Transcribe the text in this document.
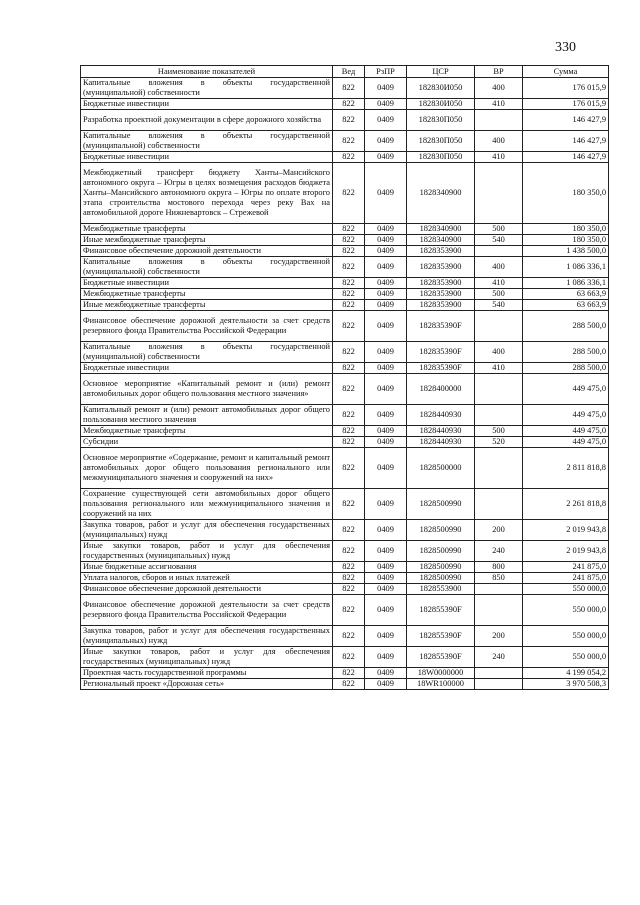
330
Наименование показателей	Вед	РзПР	ЦСР	ВР	Сумма
Капитальные вложения в объекты государственной (муниципальной) собственности	822	0409	182830И050	400	176 015,9
Бюджетные инвестиции	822	0409	182830И050	410	176 015,9
Разработка проектной документации в сфере дорожного хозяйства	822	0409	182830П050		146 427,9
Капитальные вложения в объекты государственной (муниципальной) собственности	822	0409	182830П050	400	146 427,9
Бюджетные инвестиции	822	0409	182830П050	410	146 427,9
Межбюджетный трансферт бюджету Ханты–Мансийского автономного округа – Югры в целях возмещения расходов бюджета Ханты–Мансийского автономного округа – Югры по оплате второго этапа строительства мостового перехода через реку Вах на автомобильной дороге Нижневартовск – Стрежевой	822	0409	1828340900		180 350,0
Межбюджетные трансферты	822	0409	1828340900	500	180 350,0
Иные межбюджетные трансферты	822	0409	1828340900	540	180 350,0
Финансовое обеспечение дорожной деятельности	822	0409	1828353900		1 438 500,0
Капитальные вложения в объекты государственной (муниципальной) собственности	822	0409	1828353900	400	1 086 336,1
Бюджетные инвестиции	822	0409	1828353900	410	1 086 336,1
Межбюджетные трансферты	822	0409	1828353900	500	63 663,9
Иные межбюджетные трансферты	822	0409	1828353900	540	63 663,9
Финансовое обеспечение дорожной деятельности за счет средств резервного фонда Правительства Российской Федерации	822	0409	182835390F		288 500,0
Капитальные вложения в объекты государственной (муниципальной) собственности	822	0409	182835390F	400	288 500,0
Бюджетные инвестиции	822	0409	182835390F	410	288 500,0
Основное мероприятие «Капитальный ремонт и (или) ремонт автомобильных дорог общего пользования местного значения»	822	0409	1828400000		449 475,0
Капитальный ремонт и (или) ремонт автомобильных дорог общего пользования местного значения	822	0409	1828440930		449 475,0
Межбюджетные трансферты	822	0409	1828440930	500	449 475,0
Субсидии	822	0409	1828440930	520	449 475,0
Основное мероприятие «Содержание, ремонт и капитальный ремонт автомобильных дорог общего пользования регионального или межмуниципального значения и сооружений на них»	822	0409	1828500000		2 811 818,8
Сохранение существующей сети автомобильных дорог общего пользования регионального или межмуниципального значения и сооружений на них	822	0409	1828500990		2 261 818,8
Закупка товаров, работ и услуг для обеспечения государственных (муниципальных) нужд	822	0409	1828500990	200	2 019 943,8
Иные закупки товаров, работ и услуг для обеспечения государственных (муниципальных) нужд	822	0409	1828500990	240	2 019 943,8
Иные бюджетные ассигнования	822	0409	1828500990	800	241 875,0
Уплата налогов, сборов и иных платежей	822	0409	1828500990	850	241 875,0
Финансовое обеспечение дорожной деятельности	822	0409	1828553900		550 000,0
Финансовое обеспечение дорожной деятельности за счет средств резервного фонда Правительства Российской Федерации	822	0409	182855390F		550 000,0
Закупка товаров, работ и услуг для обеспечения государственных (муниципальных) нужд	822	0409	182855390F	200	550 000,0
Иные закупки товаров, работ и услуг для обеспечения государственных (муниципальных) нужд	822	0409	182855390F	240	550 000,0
Проектная часть государственной программы	822	0409	18W0000000		4 199 054,2
Региональный проект «Дорожная сеть»	822	0409	18WR100000		3 970 508,3
